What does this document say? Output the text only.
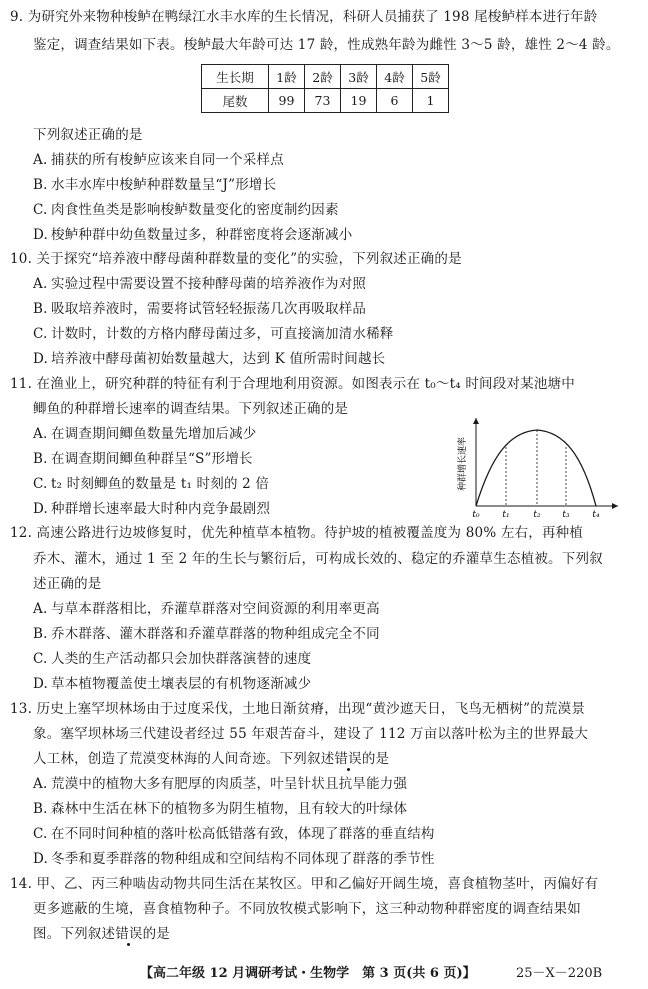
9. 为研究外来物种梭鲈在鸭绿江水丰水库的生长情况，科研人员捕获了 198 尾梭鲈样本进行年龄
鉴定，调查结果如下表。梭鲈最大年龄可达 17 龄，性成熟年龄为雌性 3～5 龄，雄性 2～4 龄。
生长期	1龄	2龄	3龄	4龄	5龄
尾数	99	73	19	6	1
下列叙述正确的是
A. 捕获的所有梭鲈应该来自同一个采样点
B. 水丰水库中梭鲈种群数量呈“J”形增长
C. 肉食性鱼类是影响梭鲈数量变化的密度制约因素
D. 梭鲈种群中幼鱼数量过多，种群密度将会逐渐减小
10. 关于探究“培养液中酵母菌种群数量的变化”的实验，下列叙述正确的是
A. 实验过程中需要设置不接种酵母菌的培养液作为对照
B. 吸取培养液时，需要将试管轻轻振荡几次再吸取样品
C. 计数时，计数的方格内酵母菌过多，可直接滴加清水稀释
D. 培养液中酵母菌初始数量越大，达到 K 值所需时间越长
11. 在渔业上，研究种群的特征有利于合理地利用资源。如图表示在 t₀～t₄ 时间段对某池塘中
鲫鱼的种群增长速率的调查结果。下列叙述正确的是
A. 在调查期间鲫鱼数量先增加后减少
B. 在调查期间鲫鱼种群呈“S”形增长
C. t₂ 时刻鲫鱼的数量是 t₁ 时刻的 2 倍
D. 种群增长速率最大时种内竞争最剧烈
种群增长速率
t₀	t₁	t₂ t₃	t₄
12. 高速公路进行边坡修复时，优先种植草本植物。待护坡的植被覆盖度为 80% 左右，再种植
乔木、灌木，通过 1 至 2 年的生长与繁衍后，可构成长效的、稳定的乔灌草生态植被。下列叙
述正确的是
A. 与草本群落相比，乔灌草群落对空间资源的利用率更高
B. 乔木群落、灌木群落和乔灌草群落的物种组成完全不同
C. 人类的生产活动都只会加快群落演替的速度
D. 草本植物覆盖使土壤表层的有机物逐渐减少
13. 历史上塞罕坝林场由于过度采伐，土地日渐贫瘠，出现“黄沙遮天日，飞鸟无栖树”的荒漠景
象。塞罕坝林场三代建设者经过 55 年艰苦奋斗，建设了 112 万亩以落叶松为主的世界最大
人工林，创造了荒漠变林海的人间奇迹。下列叙述错误的是
A. 荒漠中的植物大多有肥厚的肉质茎，叶呈针状且抗旱能力强
B. 森林中生活在林下的植物多为阴生植物，且有较大的叶绿体
C. 在不同时间种植的落叶松高低错落有致，体现了群落的垂直结构
D. 冬季和夏季群落的物种组成和空间结构不同体现了群落的季节性
14. 甲、乙、丙三种啮齿动物共同生活在某牧区。甲和乙偏好开阔生境，喜食植物茎叶，丙偏好有
更多遮蔽的生境，喜食植物种子。不同放牧模式影响下，这三种动物种群密度的调查结果如
图。下列叙述错误的是
【高二年级 12 月调研考试・生物学　第 3 页(共 6 页)】	25－X－220B
